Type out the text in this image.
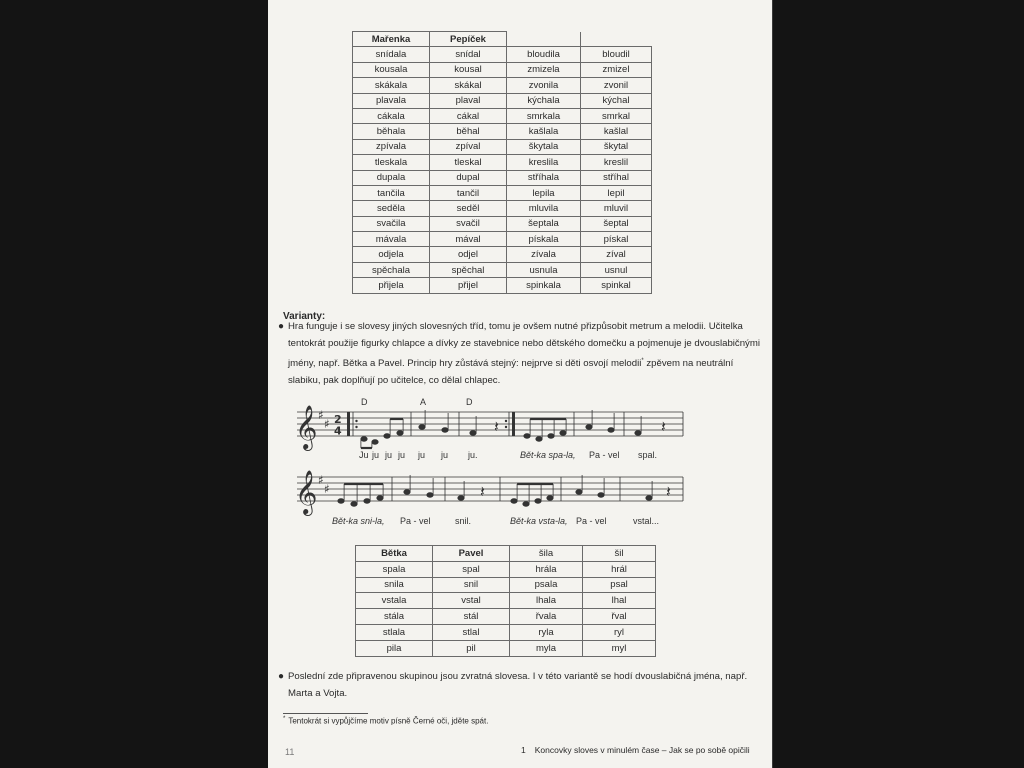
Mařenka	Pepíček		
snídala	snídal	bloudila	bloudil
kousala	kousal	zmizela	zmizel
skákala	skákal	zvonila	zvonil
plavala	plaval	kýchala	kýchal
cákala	cákal	smrkala	smrkal
běhala	běhal	kašlala	kašlal
zpívala	zpíval	škytala	škytal
tleskala	tleskal	kreslila	kreslil
dupala	dupal	stříhala	stříhal
tančila	tančil	lepila	lepil
seděla	seděl	mluvila	mluvil
svačila	svačil	šeptala	šeptal
mávala	mával	pískala	pískal
odjela	odjel	zívala	zíval
spěchala	spěchal	usnula	usnul
přijela	přijel	spinkala	spinkal

Varianty:

● Hra funguje i se slovesy jiných slovesných tříd, tomu je ovšem nutné přizpůsobit metrum a melodii. Učitelka tentokrát použije figurky chlapce a dívky ze stavebnice nebo dětského domečku a pojmenuje je dvouslabičnými jmény, např. Bětka a Pavel. Princip hry zůstává stejný: nejprve si děti osvojí melodii* zpěvem na neutrální slabiku, pak doplňují po učitelce, co dělal chlapec.

𝄞 ♯
♯ 2
4
D	A	D
𝄽	𝄽
Ju ju ju ju ju ju ju.	Bět-ka spa-la, Pa - vel spal.
𝄞 ♯
♯	𝄽	𝄽
Bět-ka sni-la, Pa - vel	snil.	Bět-ka vsta-la, Pa - vel	vstal...
Bětka	Pavel	šila	šil
spala	spal	hrála	hrál
snila	snil	psala	psal
vstala	vstal	lhala	lhal
stála	stál	řvala	řval
stlala	stlal	ryla	ryl
pila	pil	myla	myl

● Poslední zde připravenou skupinou jsou zvratná slovesa. I v této variantě se hodí dvouslabičná jména, např. Marta a Vojta.

* Tentokrát si vypůjčíme motiv písně Černé oči, jděte spát.

11	1 Koncovky sloves v minulém čase – Jak se po sobě opičili
